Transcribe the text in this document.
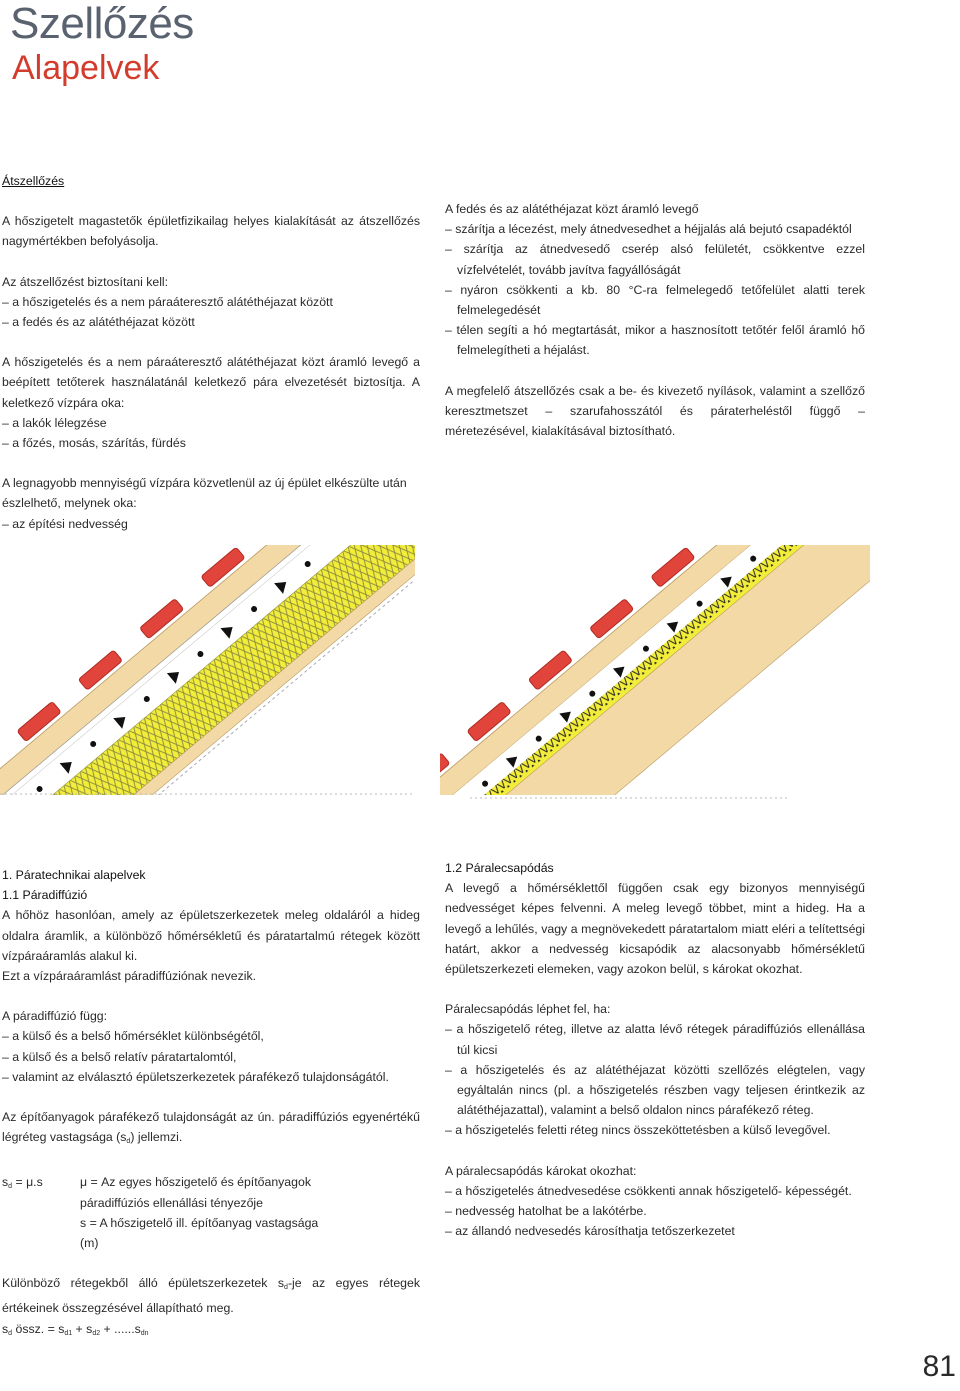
Szellőzés
Alapelvek

Átszellőzés

A hőszigetelt magastetők épületfizikailag helyes kialakítását az átszellőzés nagymértékben befolyásolja.

Az átszellőzést biztosítani kell:

– a hőszigetelés és a nem páraáteresztő alátéthéjazat között

– a fedés és az alátéthéjazat között

A hőszigetelés és a nem páraáteresztő alátéthéjazat közt áramló levegő a beépített tetőterek használatánál keletkező pára elvezetését biztosítja. A keletkező vízpára oka:

– a lakók lélegzése

– a főzés, mosás, szárítás, fürdés

A legnagyobb mennyiségű vízpára közvetlenül az új épület elkészülte után észlelhető, melynek oka:

– az építési nedvesség

A fedés és az alátéthéjazat közt áramló levegő

– szárítja a lécezést, mely átnedvesedhet a héjjalás alá bejutó csapadéktól

– szárítja az átnedvesedő cserép alsó felületét, csökkentve ezzel vízfelvételét, tovább javítva fagyállóságát

– nyáron csökkenti a kb. 80 °C-ra felmelegedő tetőfelület alatti terek felmelegedését

– télen segíti a hó megtartását, mikor a hasznosított tetőtér felől áramló hő felmelegítheti a héjalást.

A megfelelő átszellőzés csak a be- és kivezető nyílások, valamint a szellőző keresztmetszet – szarufahosszától és páraterheléstől függő – méretezésével, kialakításával biztosítható.

1. Páratechnikai alapelvek

1.1 Páradiffúzió

A hőhöz hasonlóan, amely az épületszerkezetek meleg oldaláról a hideg oldalra áramlik, a különböző hőmérsékletű és páratartalmú rétegek között vízpáraáramlás alakul ki.

Ezt a vízpáraáramlást páradiffúziónak nevezik.

A páradiffúzió függ:

– a külső és a belső hőmérséklet különbségétől,

– a külső és a belső relatív páratartalomtól,

– valamint az elválasztó épületszerkezetek párafékező tulajdonságától.

Az építőanyagok párafékező tulajdonságát az ún. páradiffúziós egyenértékű légréteg vastagsága $(s_d)$ jellemzi.

$s_d = \mu.s$	μ = Az egyes hőszigetelő és építőanyagok páradiffúziós ellenállási tényezője

s = A hőszigetelő ill. építőanyag vastagsága (m)

Különböző rétegekből álló épületszerkezetek $s_d-je$ az egyes rétegek értékeinek összegzésével állapítható meg.

$s_d$ össz. = $s_{d1} + s_{d2} + ......s_{dn}$

1.2 Páralecsapódás

A levegő a hőmérséklettől függően csak egy bizonyos mennyiségű nedvességet képes felvenni. A meleg levegő többet, mint a hideg. Ha a levegő a lehűlés, vagy a megnövekedett páratartalom miatt eléri a telítettségi határt, akkor a nedvesség kicsapódik az alacsonyabb hőmérsékletű épületszerkezeti elemeken, vagy azokon belül, s károkat okozhat.

Páralecsapódás léphet fel, ha:

– a hőszigetelő réteg, illetve az alatta lévő rétegek páradiffúziós ellenállása túl kicsi

– a hőszigetelés és az alátéthéjazat közötti szellőzés elégtelen, vagy egyáltalán nincs (pl. a hőszigetelés részben vagy teljesen érintkezik az alátéthéjazattal), valamint a belső oldalon nincs párafékező réteg.

– a hőszigetelés feletti réteg nincs összeköttetésben a külső levegővel.

A páralecsapódás károkat okozhat:

– a hőszigetelés átnedvesedése csökkenti annak hőszigetelő- képességét.

– nedvesség hatolhat be a lakótérbe.

– az állandó nedvesedés károsíthatja tetőszerkezetet

81
